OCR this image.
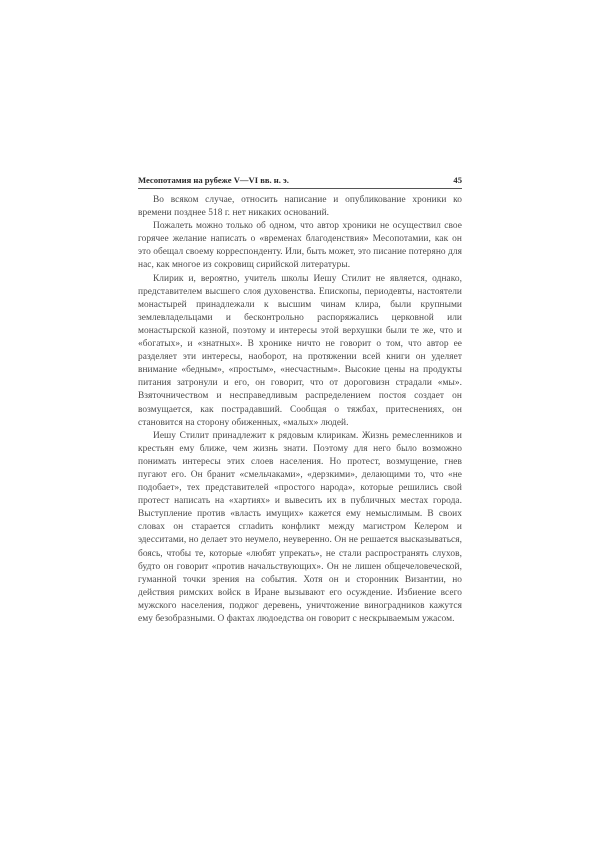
Месопотамия на рубеже V—VI вв. н. э.	45

Во всяком случае, относить написание и опубликование хроники ко времени позднее 518 г. нет никаких оснований.

Пожалеть можно только об одном, что автор хроники не осуществил свое горячее желание написать о «временах благоденствия» Месопотамии, как он это обещал своему корреспонденту. Или, быть может, это писание потеряно для нас, как многое из сокровищ сирийской литературы.

Клирик и, вероятно, учитель школы Иешу Стилит не является, однако, представителем высшего слоя духовенства. Епископы, периодевты, настоятели монастырей принадлежали к высшим чинам клира, были крупными землевладельцами и бесконтрольно распоряжались церковной или монастырской казной, поэтому и интересы этой верхушки были те же, что и «богатых», и «знатных». В хронике ничто не говорит о том, что автор ее разделяет эти интересы, наоборот, на протяжении всей книги он уделяет внимание «бедным», «простым», «несчастным». Высокие цены на продукты питания затронули и его, он говорит, что от дороговизн страдали «мы». Взяточничеством и несправедливым распределением постоя создает он возмущается, как пострадавший. Сообщая о тяжбах, притеснениях, он становится на сторону обиженных, «малых» людей.

Иешу Стилит принадлежит к рядовым клирикам. Жизнь ремесленников и крестьян ему ближе, чем жизнь знати. Поэтому для него было возможно понимать интересы этих слоев населения. Но протест, возмущение, гнев пугают его. Он бранит «смельчаками», «дерзкими», делающими то, что «не подобает», тех представителей «простого народа», которые решились свой протест написать на «хартиях» и вывесить их в публичных местах города. Выступление против «власть имущих» кажется ему немыслимым. В своих словах он старается сглаdить конфликт между магистром Келером и эдесситами, но делает это неумело, неуверенно. Он не решается высказываться, боясь, чтобы те, которые «любят упрекать», не стали распространять слухов, будто он говорит «против начальствующих». Он не лишен общечеловеческой, гуманной точки зрения на события. Хотя он и сторонник Византии, но действия римских войск в Иране вызывают его осуждение. Избиение всего мужского населения, поджог деревень, уничтожение виноградников кажутся ему безобразными. О фактах людоедства он говорит с нескрываемым ужасом.
